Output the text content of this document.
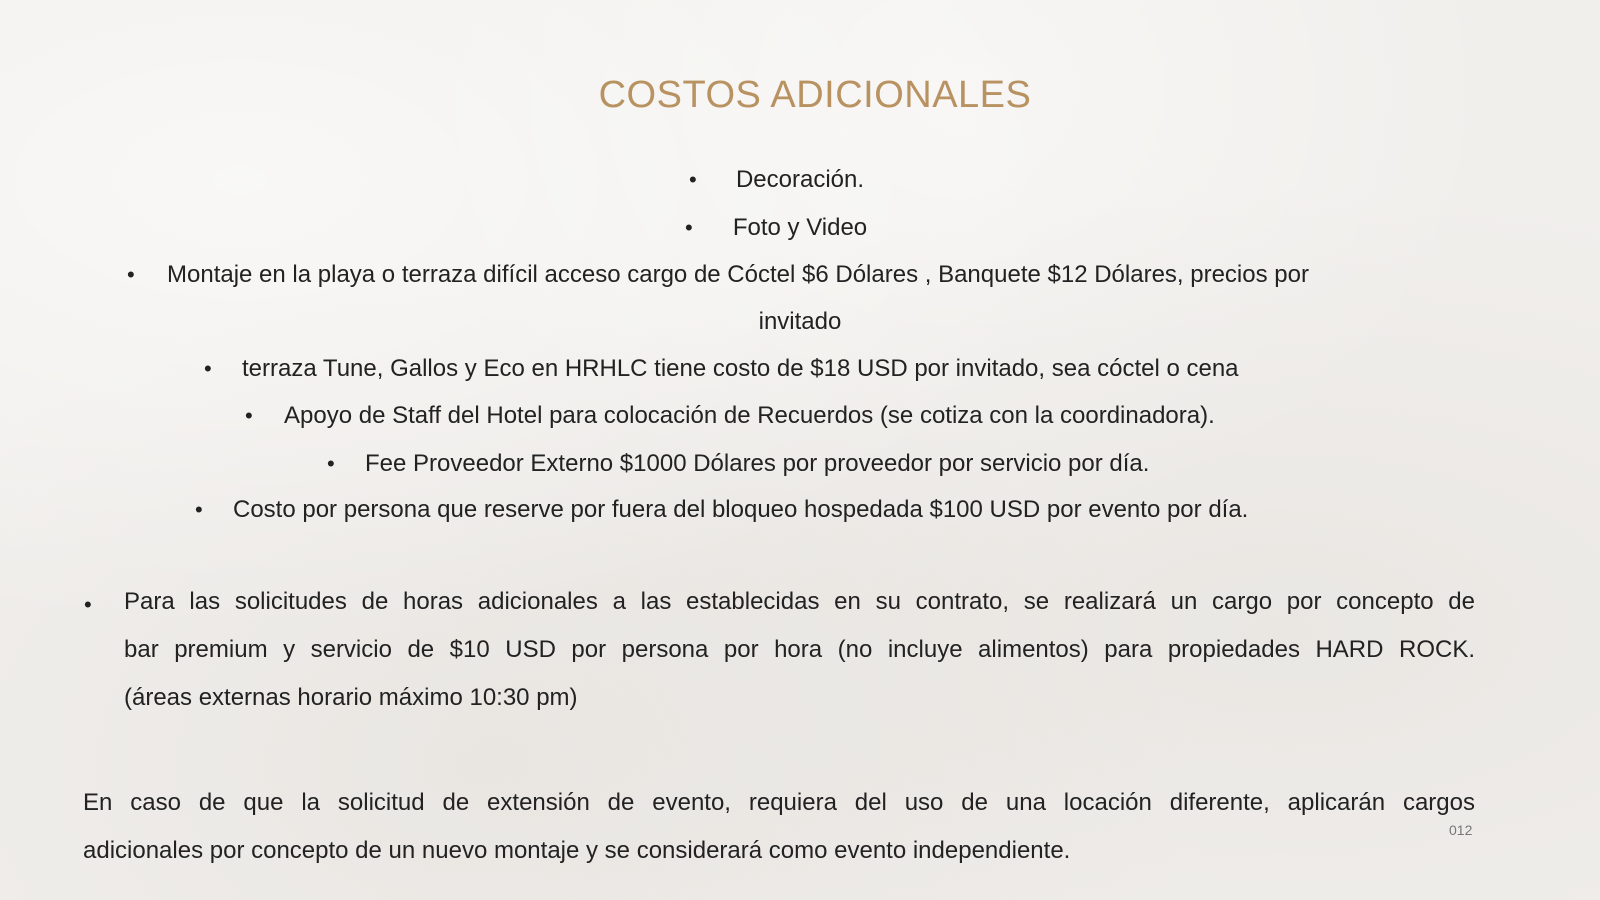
COSTOS ADICIONALES
•	Decoración.
•	Foto y Video
• Montaje en la playa o terraza difícil acceso cargo de Cóctel $6 Dólares , Banquete $12 Dólares, precios por
invitado
• terraza Tune, Gallos y Eco en HRHLC tiene costo de $18 USD por invitado, sea cóctel o cena
• Apoyo de Staff del Hotel para colocación de Recuerdos (se cotiza con la coordinadora).
• Fee Proveedor Externo $1000 Dólares por proveedor por servicio por día.
• Costo por persona que reserve por fuera del bloqueo hospedada $100 USD por evento por día.
• Para las solicitudes de horas adicionales a las establecidas en su contrato, se realizará un cargo por concepto de
bar premium y servicio de $10 USD por persona por hora (no incluye alimentos) para propiedades HARD ROCK.
(áreas externas horario máximo 10:30 pm)
En caso de que la solicitud de extensión de evento, requiera del uso de una locación diferente, aplicarán cargos
adicionales por concepto de un nuevo montaje y se considerará como evento independiente.
012
